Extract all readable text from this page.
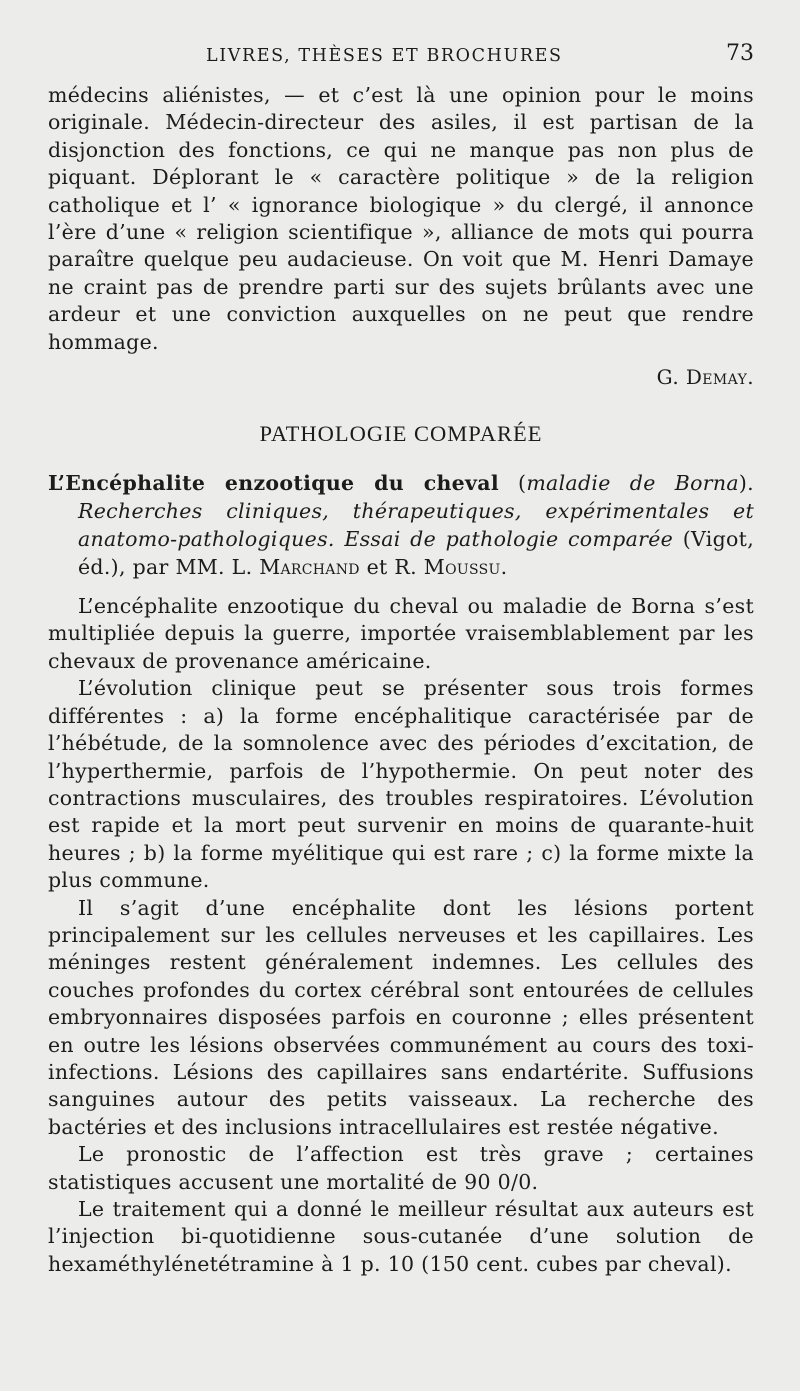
LIVRES, THÈSES ET BROCHURES	73

médecins aliénistes, — et c’est là une opinion pour le moins originale. Médecin-directeur des asiles, il est partisan de la disjonction des fonctions, ce qui ne manque pas non plus de piquant. Déplorant le « caractère politique » de la religion catholique et l’ « ignorance biologique » du clergé, il annonce l’ère d’une « religion scientifique », alliance de mots qui pourra paraître quelque peu audacieuse. On voit que M. Henri Damaye ne craint pas de prendre parti sur des sujets brûlants avec une ardeur et une conviction auxquelles on ne peut que rendre hommage.

G. Demay.
PATHOLOGIE COMPARÉE
L’Encéphalite enzootique du cheval (maladie de Borna). Recherches cliniques, thérapeutiques, expérimentales et anatomo-pathologiques. Essai de pathologie comparée (Vigot, éd.), par MM. L. Marchand et R. Moussu.

L’encéphalite enzootique du cheval ou maladie de Borna s’est multipliée depuis la guerre, importée vraisemblablement par les chevaux de provenance américaine.

L’évolution clinique peut se présenter sous trois formes différentes : a) la forme encéphalitique caractérisée par de l’hébétude, de la somnolence avec des périodes d’excitation, de l’hyperthermie, parfois de l’hypothermie. On peut noter des contractions musculaires, des troubles respiratoires. L’évolution est rapide et la mort peut survenir en moins de quarante-huit heures ; b) la forme myélitique qui est rare ; c) la forme mixte la plus commune.

Il s’agit d’une encéphalite dont les lésions portent principalement sur les cellules nerveuses et les capillaires. Les méninges restent généralement indemnes. Les cellules des couches profondes du cortex cérébral sont entourées de cellules embryonnaires disposées parfois en couronne ; elles présentent en outre les lésions observées communément au cours des toxi-infections. Lésions des capillaires sans endartérite. Suffusions sanguines autour des petits vaisseaux. La recherche des bactéries et des inclusions intracellulaires est restée négative.

Le pronostic de l’affection est très grave ; certaines statistiques accusent une mortalité de 90 0/0.

Le traitement qui a donné le meilleur résultat aux auteurs est l’injection bi-quotidienne sous-cutanée d’une solution de hexaméthylénetétramine à 1 p. 10 (150 cent. cubes par cheval).
